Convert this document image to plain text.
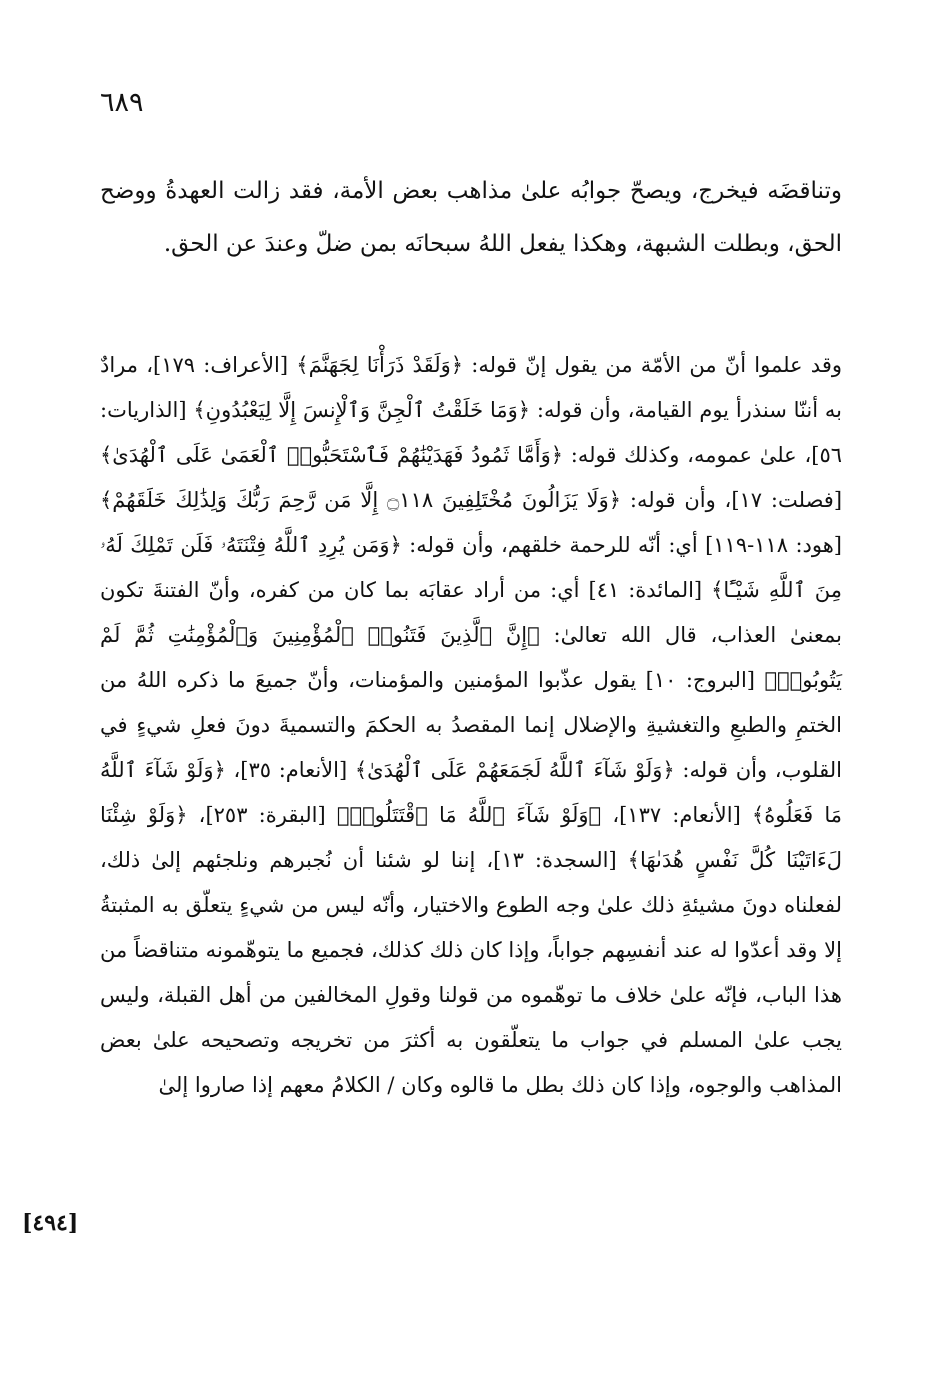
٦٨٩

وتناقضَه فيخرج، ويصحّ جوابُه علىٰ مذاهب بعض الأمة، فقد زالت العهدةُ ووضح الحق، وبطلت الشبهة، وهكذا يفعل اللهُ سبحانَه بمن ضلّ وعندَ عن الحق.

وقد علموا أنّ من الأمّة من يقول إنّ قوله: ﴿وَلَقَدْ ذَرَأْنَا لِجَهَنَّمَ﴾ [الأعراف: ١٧٩]، مرادٌ به أننّا سنذرأ يوم القيامة، وأن قوله: ﴿وَمَا خَلَقْتُ ٱلْجِنَّ وَٱلْإِنسَ إِلَّا لِيَعْبُدُونِ﴾ [الذاريات: ٥٦]، علىٰ عمومه، وكذلك قوله: ﴿وَأَمَّا ثَمُودُ فَهَدَيْنَٰهُمْ فَٱسْتَحَبُّوا۟ ٱلْعَمَىٰ عَلَى ٱلْهُدَىٰ﴾ [فصلت: ١٧]، وأن قوله: ﴿وَلَا يَزَالُونَ مُخْتَلِفِينَ ۝١١٨ إِلَّا مَن رَّحِمَ رَبُّكَ وَلِذَٰلِكَ خَلَقَهُمْ﴾ [هود: ١١٨-١١٩] أي: أنّه للرحمة خلقهم، وأن قوله: ﴿وَمَن يُرِدِ ٱللَّهُ فِتْنَتَهُۥ فَلَن تَمْلِكَ لَهُۥ مِنَ ٱللَّهِ شَيْـًٔا﴾ [المائدة: ٤١] أي: من أراد عقابَه بما كان من كفره، وأنّ الفتنةَ تكون بمعنىٰ العذاب، قال الله تعالىٰ: ﴿إِنَّ ٱلَّذِينَ فَتَنُوا۟ ٱلْمُؤْمِنِينَ وَٱلْمُؤْمِنَٰتِ ثُمَّ لَمْ يَتُوبُوا۟﴾ [البروج: ١٠] يقول عذّبوا المؤمنين والمؤمنات، وأنّ جميعَ ما ذكره اللهُ من الختمِ والطبعِ والتغشيةِ والإضلال إنما المقصدُ به الحكمَ والتسميةَ دونَ فعلِ شيءٍ في القلوب، وأن قوله: ﴿وَلَوْ شَآءَ ٱللَّهُ لَجَمَعَهُمْ عَلَى ٱلْهُدَىٰ﴾ [الأنعام: ٣٥]، ﴿وَلَوْ شَآءَ ٱللَّهُ مَا فَعَلُوهُ﴾ [الأنعام: ١٣٧]، ﴿وَلَوْ شَآءَ ٱللَّهُ مَا ٱقْتَتَلُوا۟﴾ [البقرة: ٢٥٣]، ﴿وَلَوْ شِئْنَا لَءَاتَيْنَا كُلَّ نَفْسٍ هُدَىٰهَا﴾ [السجدة: ١٣]، إننا لو شئنا أن نُجبرهم ونلجئهم إلىٰ ذلك، لفعلناه دونَ مشيئةِ ذلك علىٰ وجه الطوع والاختيار، وأنّه ليس من شيءٍ يتعلّق به المثبتةُ إلا وقد أعدّوا له عند أنفسِهم جواباً، وإذا كان ذلك كذلك، فجميع ما يتوهّمونه متناقضاً من هذا الباب، فإنّه علىٰ خلاف ما توهّموه من قولنا وقولِ المخالفين من أهل القبلة، وليس يجب علىٰ المسلم في جواب ما يتعلّقون به أكثرَ من تخريجه وتصحيحه علىٰ بعض المذاهب والوجوه، وإذا كان ذلك بطل ما قالوه وكان / الكلامُ معهم إذا صاروا إلىٰ

[٤٩٤]
